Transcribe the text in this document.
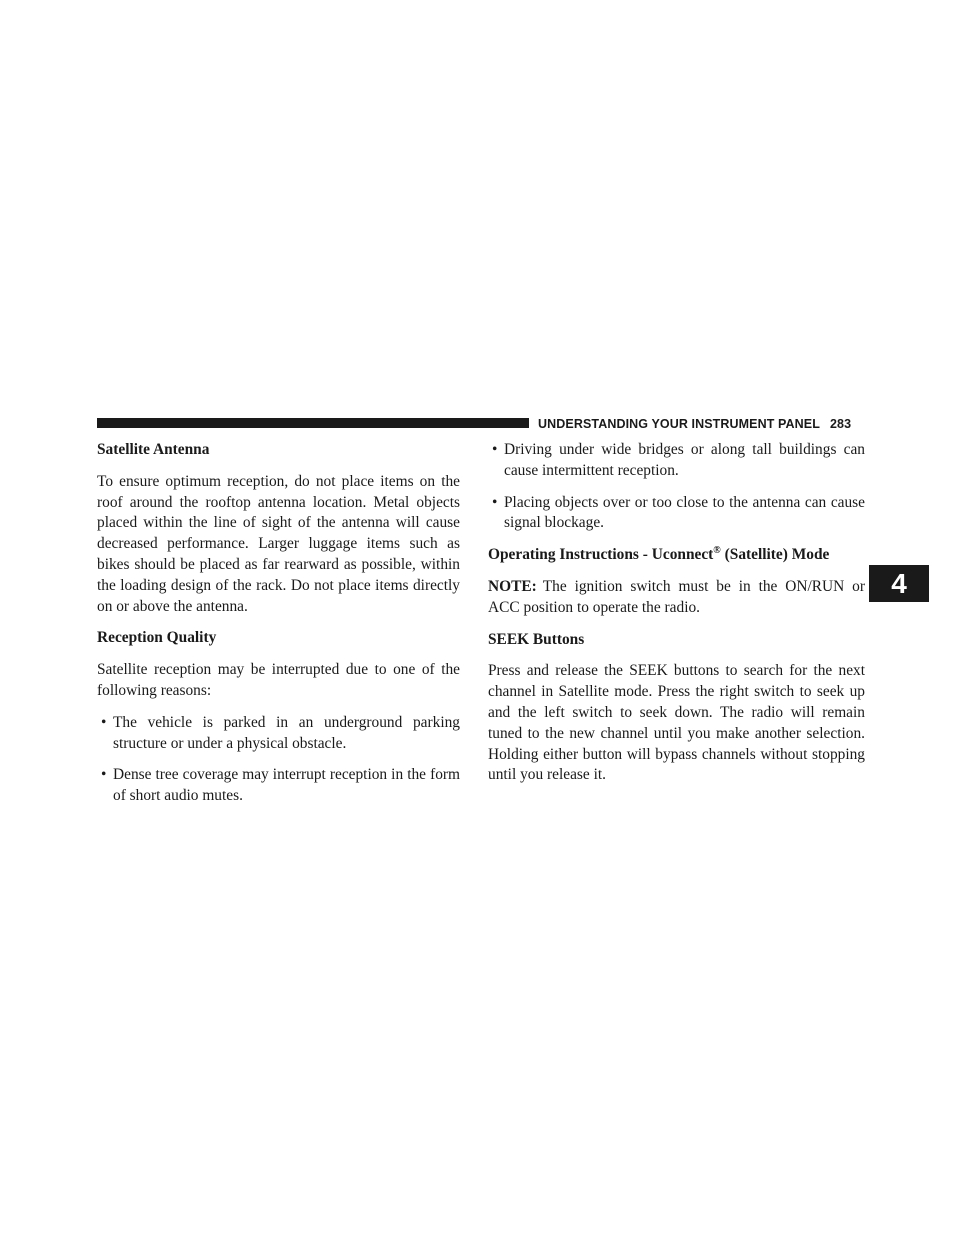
UNDERSTANDING YOUR INSTRUMENT PANEL 283
4
Satellite Antenna

To ensure optimum reception, do not place items on the roof around the rooftop antenna location. Metal objects placed within the line of sight of the antenna will cause decreased performance. Larger luggage items such as bikes should be placed as far rearward as possible, within the loading design of the rack. Do not place items directly on or above the antenna.

Reception Quality

Satellite reception may be interrupted due to one of the following reasons:

• The vehicle is parked in an underground parking structure or under a physical obstacle.
• Dense tree coverage may interrupt reception in the form of short audio mutes.
• Driving under wide bridges or along tall buildings can cause intermittent reception.
• Placing objects over or too close to the antenna can cause signal blockage.
Operating Instructions - Uconnect® (Satellite) Mode

NOTE: The ignition switch must be in the ON/RUN or ACC position to operate the radio.

SEEK Buttons

Press and release the SEEK buttons to search for the next channel in Satellite mode. Press the right switch to seek up and the left switch to seek down. The radio will remain tuned to the new channel until you make another selection. Holding either button will bypass channels without stopping until you release it.
